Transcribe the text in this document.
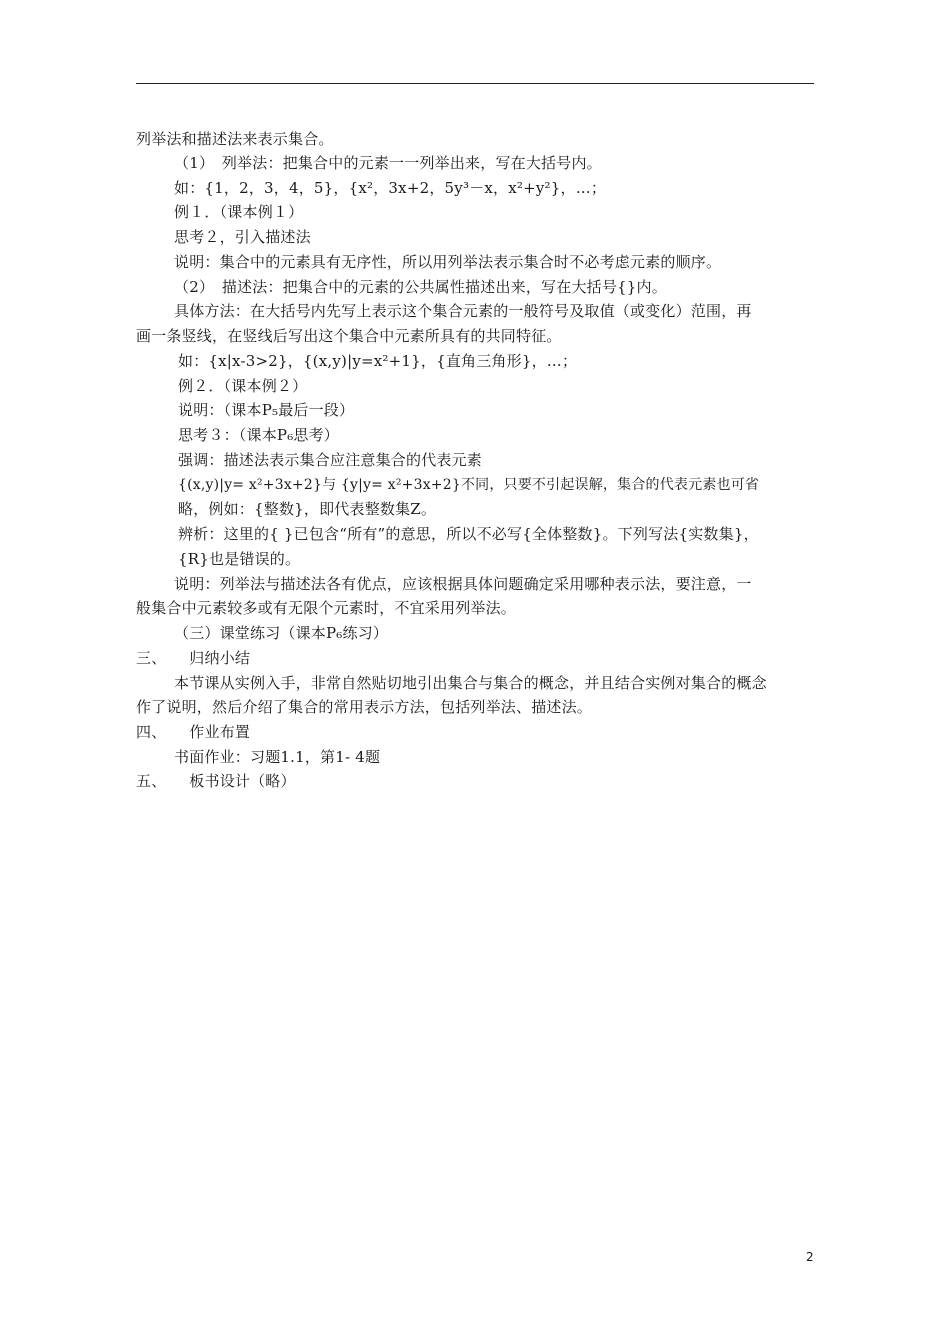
列举法和描述法来表示集合。
（1）　列举法：把集合中的元素一一列举出来，写在大括号内。
如：{1，2，3，4，5}，{x²，3x+2，5y³－x，x²+y²}，…；
例１．（课本例１）
思考２，引入描述法
说明：集合中的元素具有无序性，所以用列举法表示集合时不必考虑元素的顺序。
（2）　描述法：把集合中的元素的公共属性描述出来，写在大括号{}内。
具体方法：在大括号内先写上表示这个集合元素的一般符号及取值（或变化）范围，再
画一条竖线，在竖线后写出这个集合中元素所具有的共同特征。
如：{x|x-3>2}，{(x,y)|y=x²+1}，{直角三角形}，…；
例２．（课本例２）
说明：（课本P₅最后一段）
思考３：（课本P₆思考）
强调：描述法表示集合应注意集合的代表元素
{(x,y)|y= x²+3x+2}与 {y|y= x²+3x+2}不同，只要不引起误解，集合的代表元素也可省
略，例如：{整数}，即代表整数集Z。
辨析：这里的{ }已包含“所有”的意思，所以不必写{全体整数}。下列写法{实数集}，
{R}也是错误的。
说明：列举法与描述法各有优点，应该根据具体问题确定采用哪种表示法，要注意，一
般集合中元素较多或有无限个元素时，不宜采用列举法。
（三）课堂练习（课本P₆练习）
三、　　归纳小结
本节课从实例入手，非常自然贴切地引出集合与集合的概念，并且结合实例对集合的概念
作了说明，然后介绍了集合的常用表示方法，包括列举法、描述法。
四、　　作业布置
书面作业：习题1.1，第1- 4题
五、　　板书设计（略）
2
